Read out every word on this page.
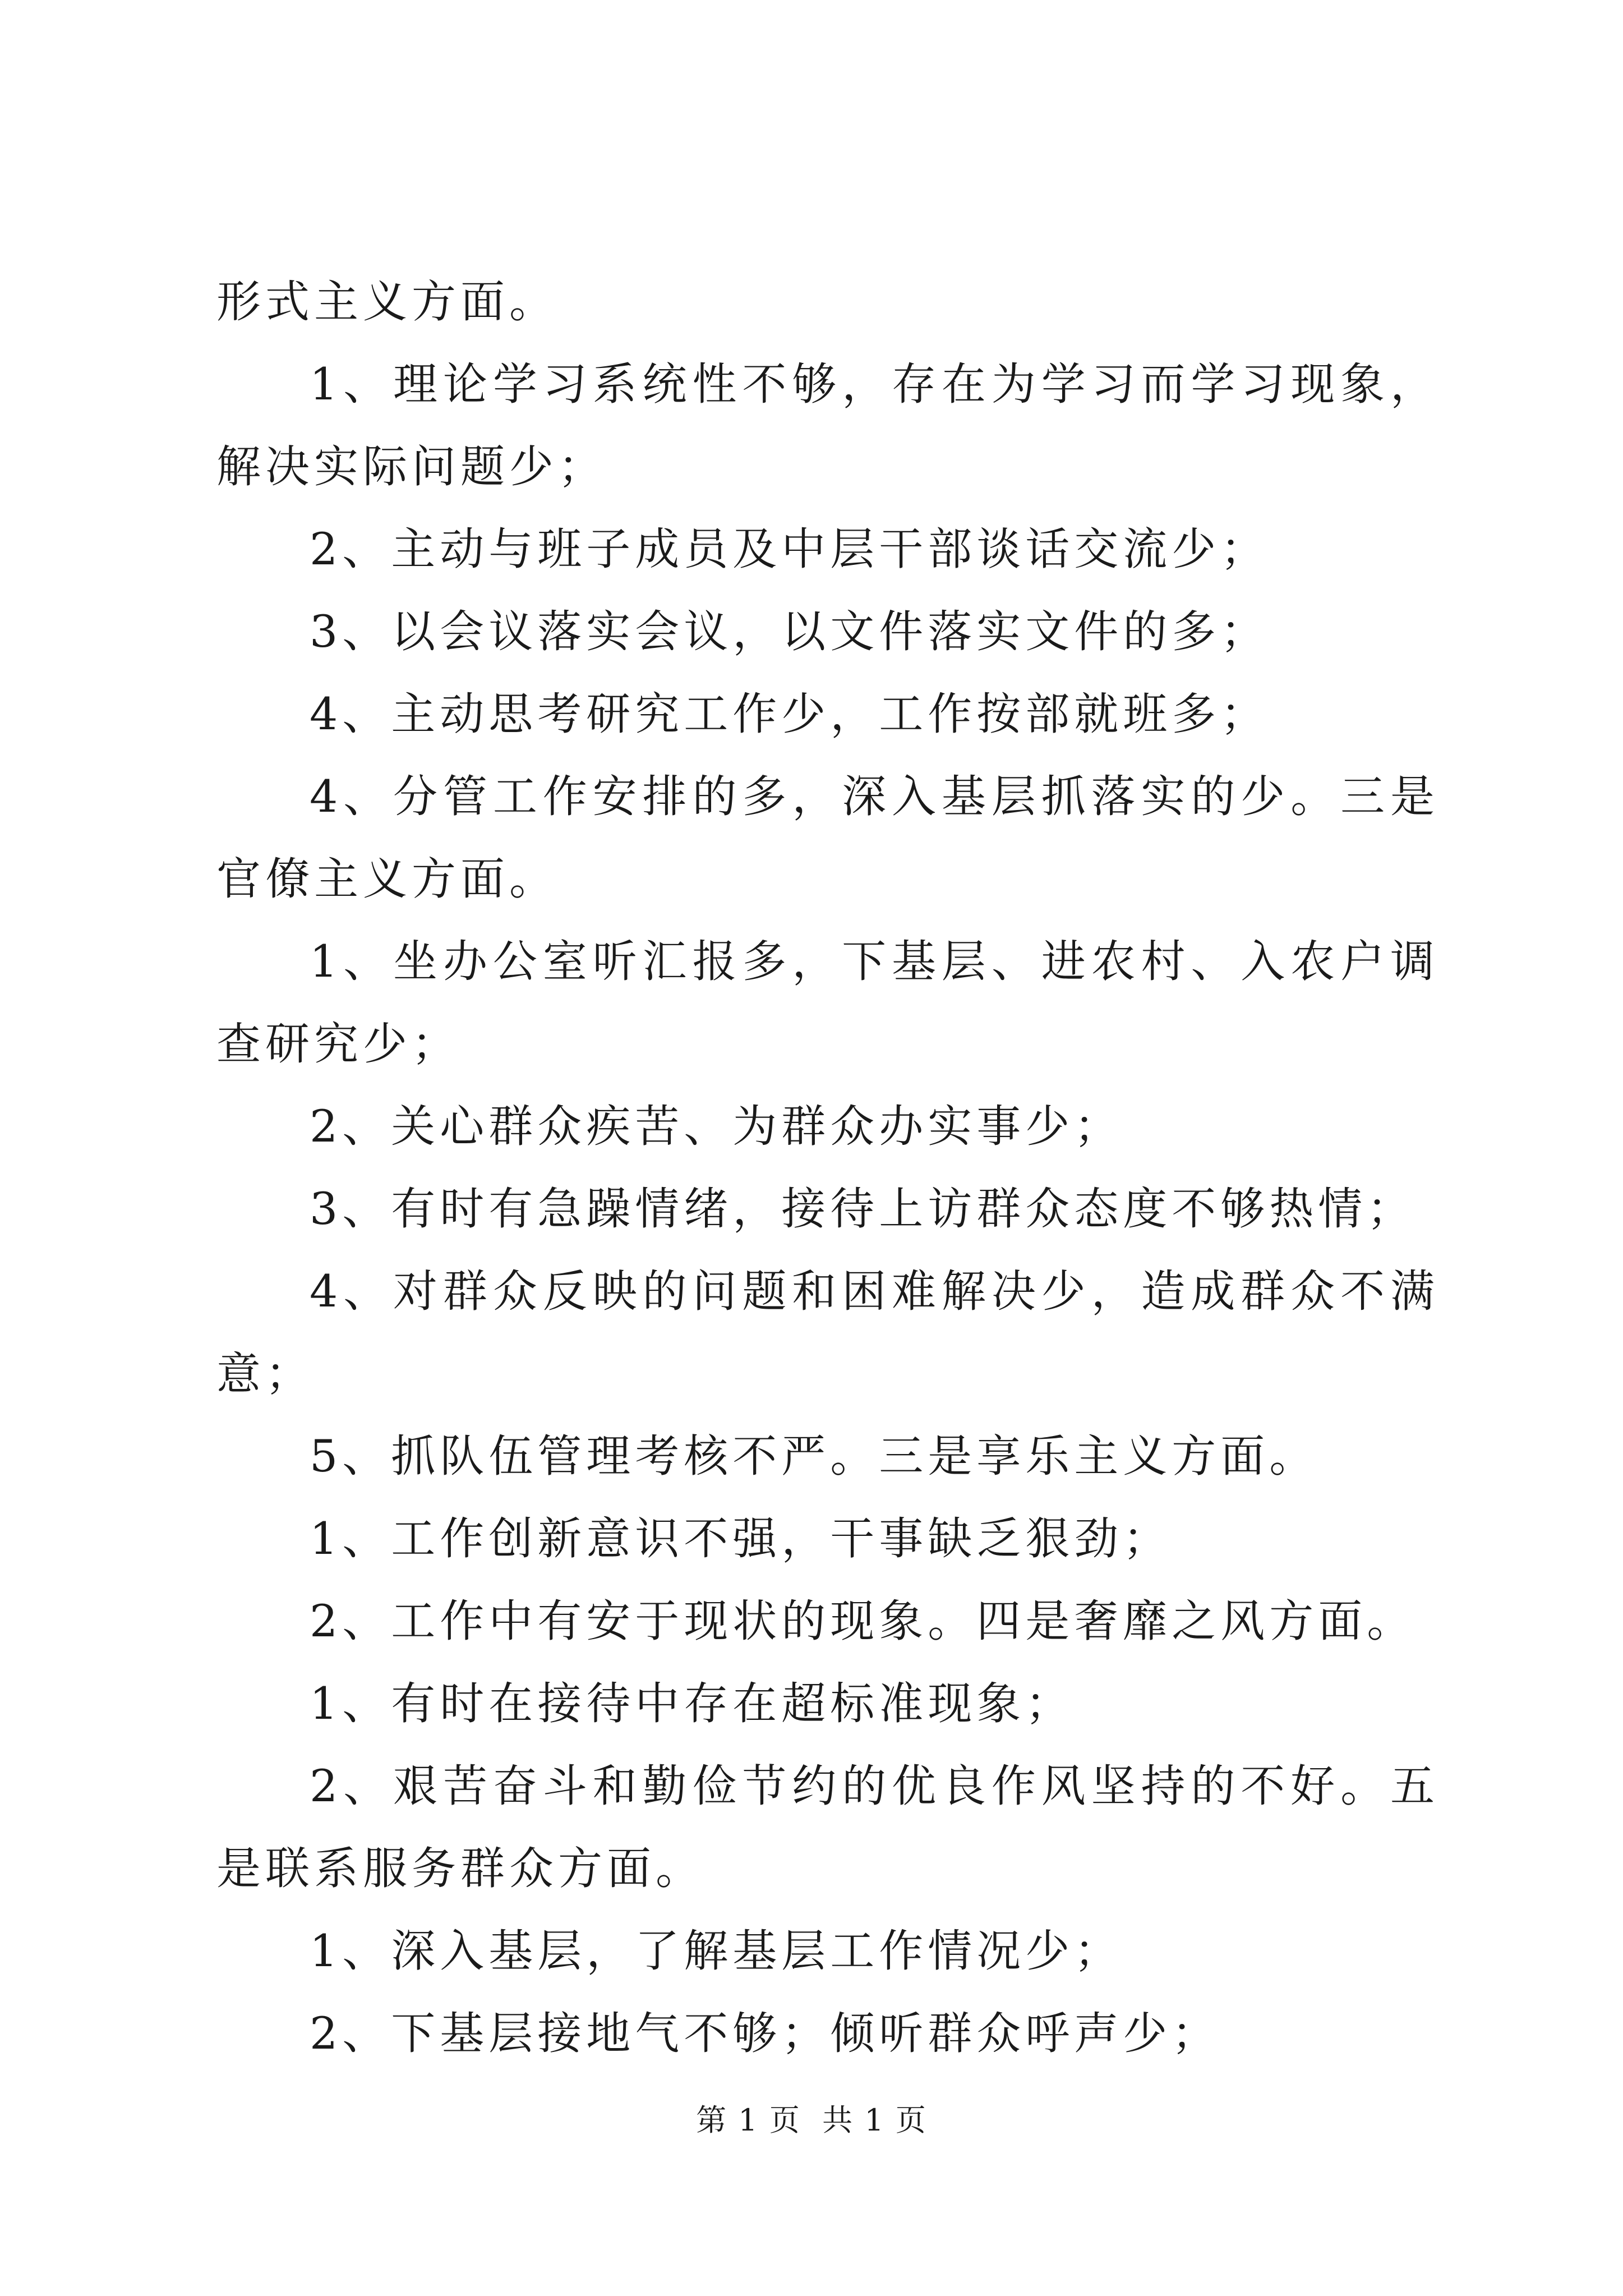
形式主义方面。

1、理论学习系统性不够，存在为学习而学习现象，解决实际问题少；

2、主动与班子成员及中层干部谈话交流少；

3、以会议落实会议，以文件落实文件的多；

4、主动思考研究工作少，工作按部就班多；

4、分管工作安排的多，深入基层抓落实的少。三是官僚主义方面。

1、坐办公室听汇报多，下基层、进农村、入农户调查研究少；

2、关心群众疾苦、为群众办实事少；

3、有时有急躁情绪，接待上访群众态度不够热情；

4、对群众反映的问题和困难解决少，造成群众不满意；

5、抓队伍管理考核不严。三是享乐主义方面。

1、工作创新意识不强，干事缺乏狠劲；

2、工作中有安于现状的现象。四是奢靡之风方面。

1、有时在接待中存在超标准现象；

2、艰苦奋斗和勤俭节约的优良作风坚持的不好。五是联系服务群众方面。

1、深入基层，了解基层工作情况少；

2、下基层接地气不够；倾听群众呼声少；

第 1 页  共 1 页
